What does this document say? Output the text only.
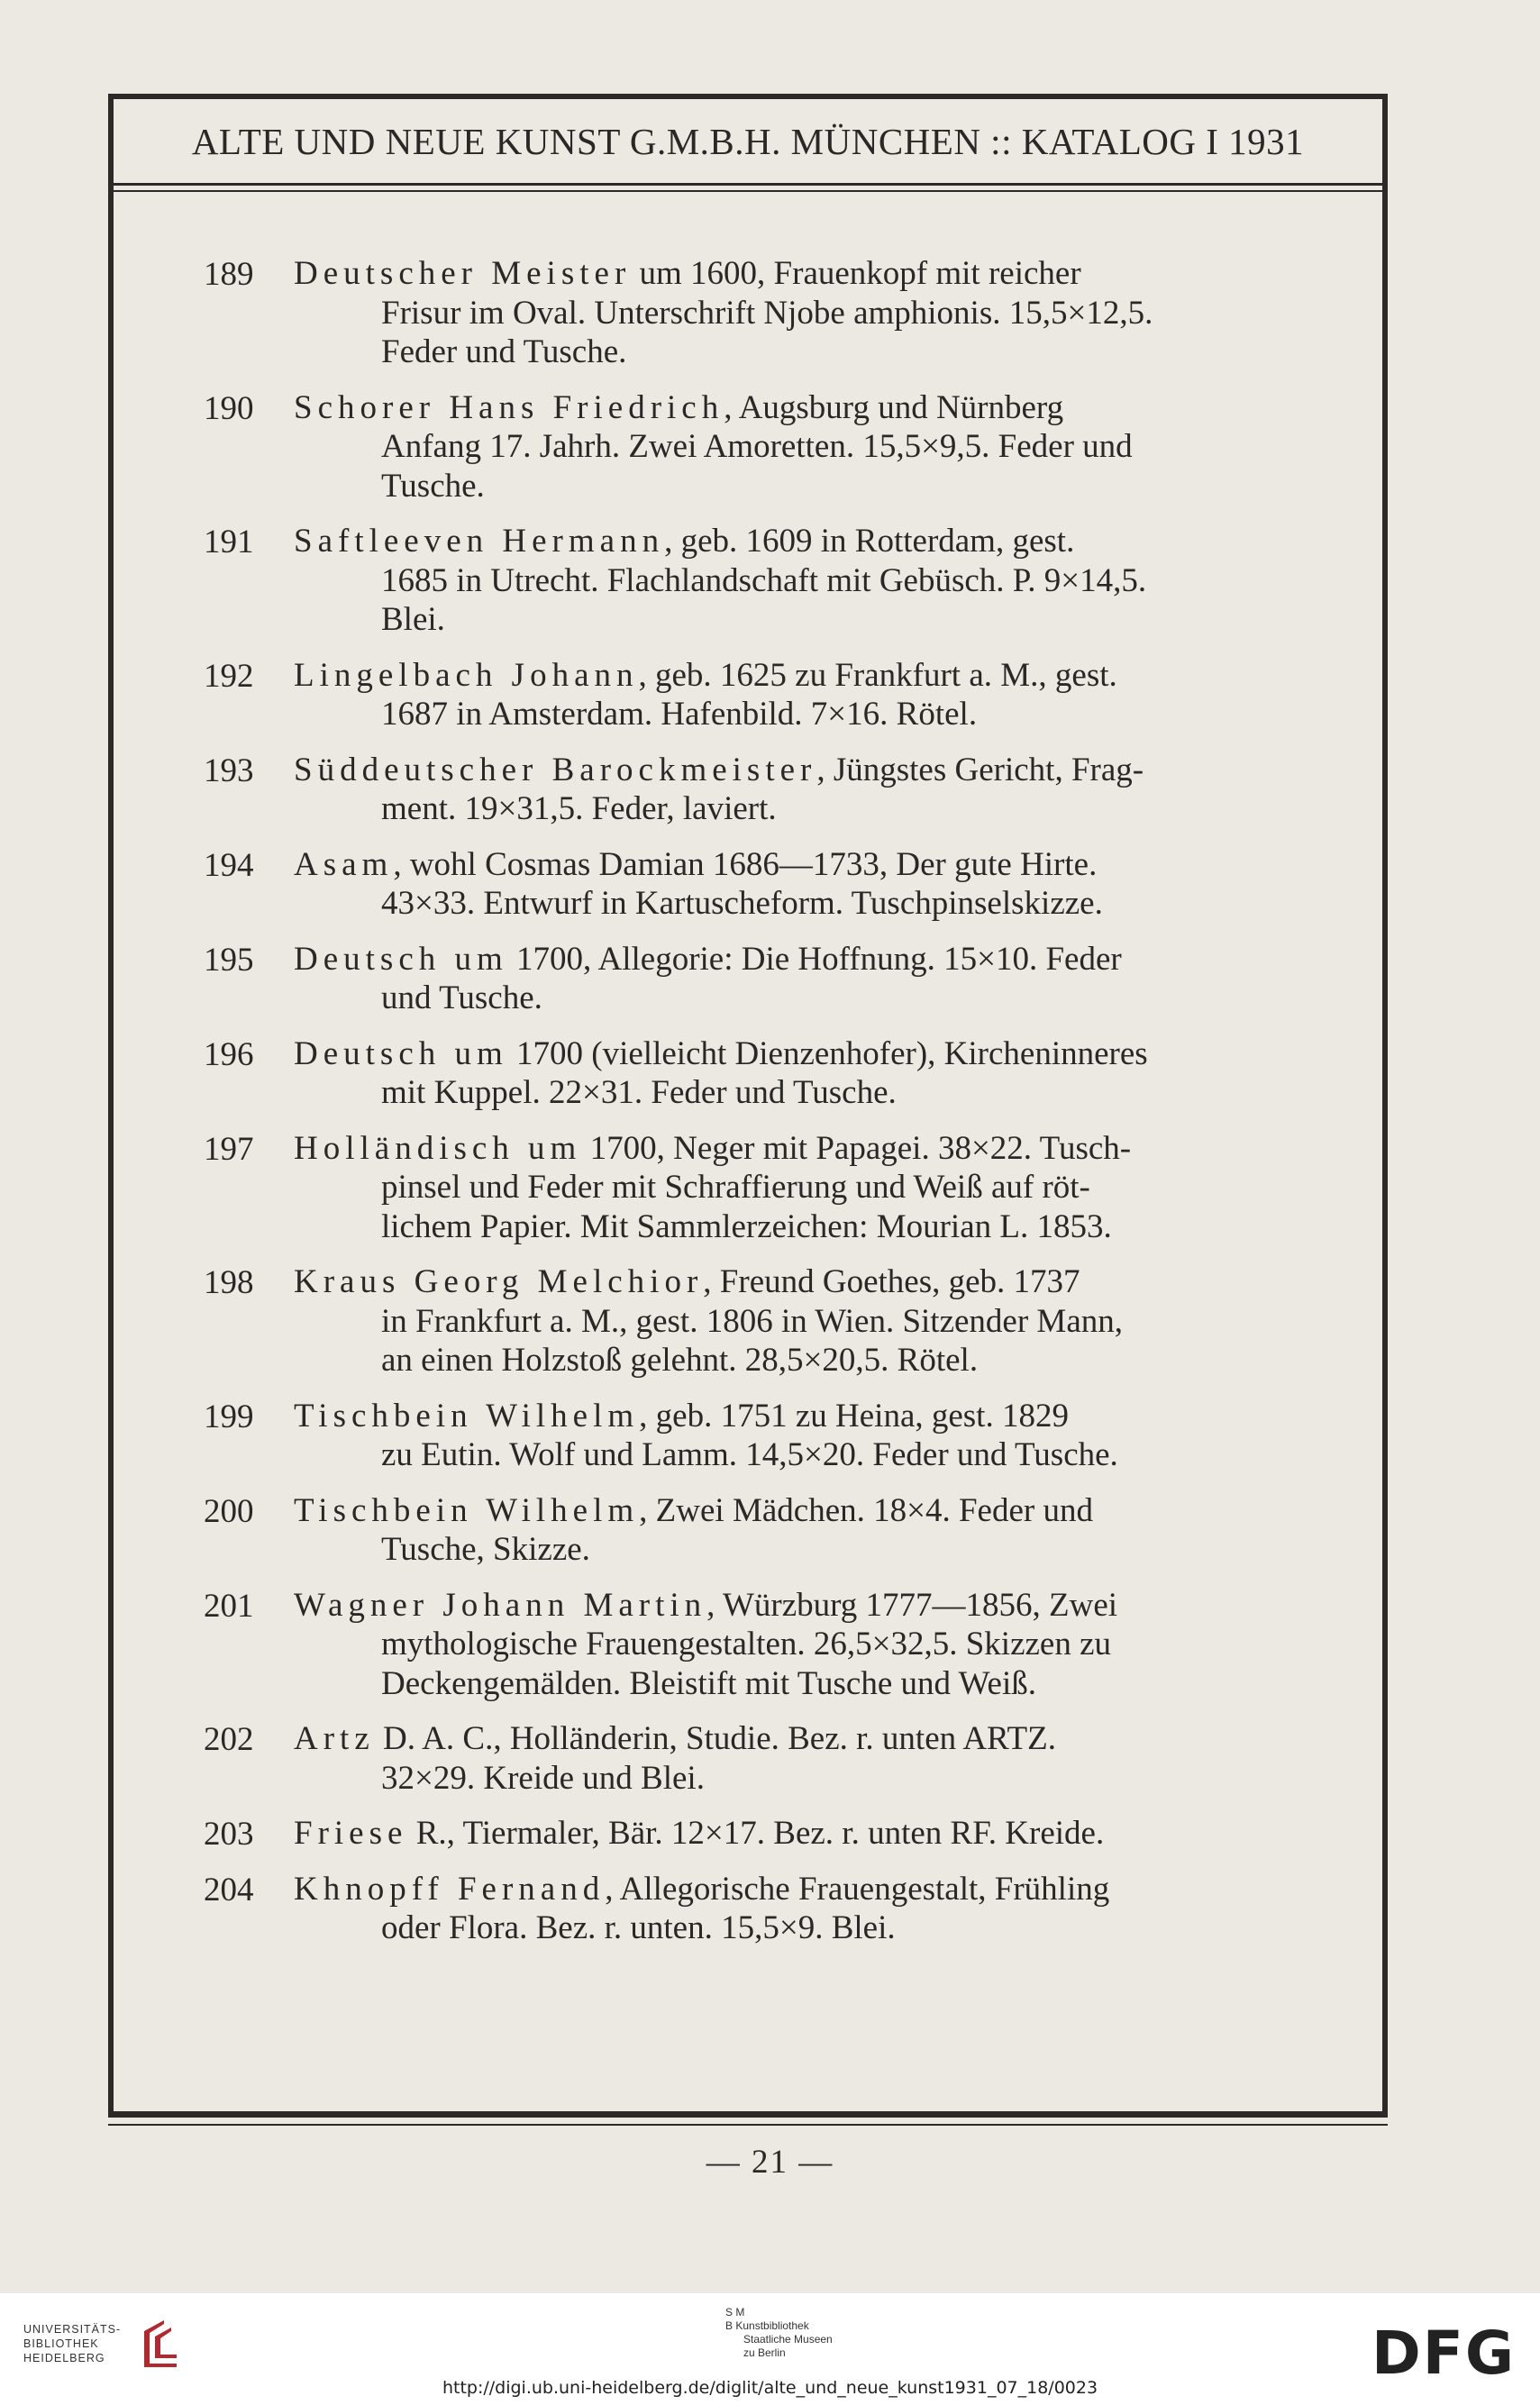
ALTE UND NEUE KUNST G.M.B.H. MÜNCHEN :: KATALOG I 1931
189	Deutscher Meister um 1600, Frauenkopf mit reicher
Frisur im Oval. Unterschrift Njobe amphionis. 15,5×12,5.
Feder und Tusche.
190	Schorer Hans Friedrich, Augsburg und Nürnberg
Anfang 17. Jahrh. Zwei Amoretten. 15,5×9,5. Feder und
Tusche.
191	Saftleeven Hermann, geb. 1609 in Rotterdam, gest.
1685 in Utrecht. Flachlandschaft mit Gebüsch. P. 9×14,5.
Blei.
192	Lingelbach Johann, geb. 1625 zu Frankfurt a. M., gest.
1687 in Amsterdam. Hafenbild. 7×16. Rötel.
193	Süddeutscher Barockmeister, Jüngstes Gericht, Frag-
ment. 19×31,5. Feder, laviert.
194	Asam, wohl Cosmas Damian 1686—1733, Der gute Hirte.
43×33. Entwurf in Kartuscheform. Tuschpinselskizze.
195	Deutsch um 1700, Allegorie: Die Hoffnung. 15×10. Feder
und Tusche.
196	Deutsch um 1700 (vielleicht Dienzenhofer), Kircheninneres
mit Kuppel. 22×31. Feder und Tusche.
197	Holländisch um 1700, Neger mit Papagei. 38×22. Tusch-
pinsel und Feder mit Schraffierung und Weiß auf röt-
lichem Papier. Mit Sammlerzeichen: Mourian L. 1853.
198	Kraus Georg Melchior, Freund Goethes, geb. 1737
in Frankfurt a. M., gest. 1806 in Wien. Sitzender Mann,
an einen Holzstoß gelehnt. 28,5×20,5. Rötel.
199	Tischbein Wilhelm, geb. 1751 zu Heina, gest. 1829
zu Eutin. Wolf und Lamm. 14,5×20. Feder und Tusche.
200	Tischbein Wilhelm, Zwei Mädchen. 18×4. Feder und
Tusche, Skizze.
201	Wagner Johann Martin, Würzburg 1777—1856, Zwei
mythologische Frauengestalten. 26,5×32,5. Skizzen zu
Deckengemälden. Bleistift mit Tusche und Weiß.
202	Artz D. A. C., Holländerin, Studie. Bez. r. unten ARTZ.
32×29. Kreide und Blei.
203	Friese R., Tiermaler, Bär. 12×17. Bez. r. unten RF. Kreide.
204	Khnopff Fernand, Allegorische Frauengestalt, Frühling
oder Flora. Bez. r. unten. 15,5×9. Blei.
— 21 —
UNIVERSITÄTS-
BIBLIOTHEK
HEIDELBERG
S M
B Kunstbibliothek
Staatliche Museen
zu Berlin	DFG
http://digi.ub.uni-heidelberg.de/diglit/alte_und_neue_kunst1931_07_18/0023
